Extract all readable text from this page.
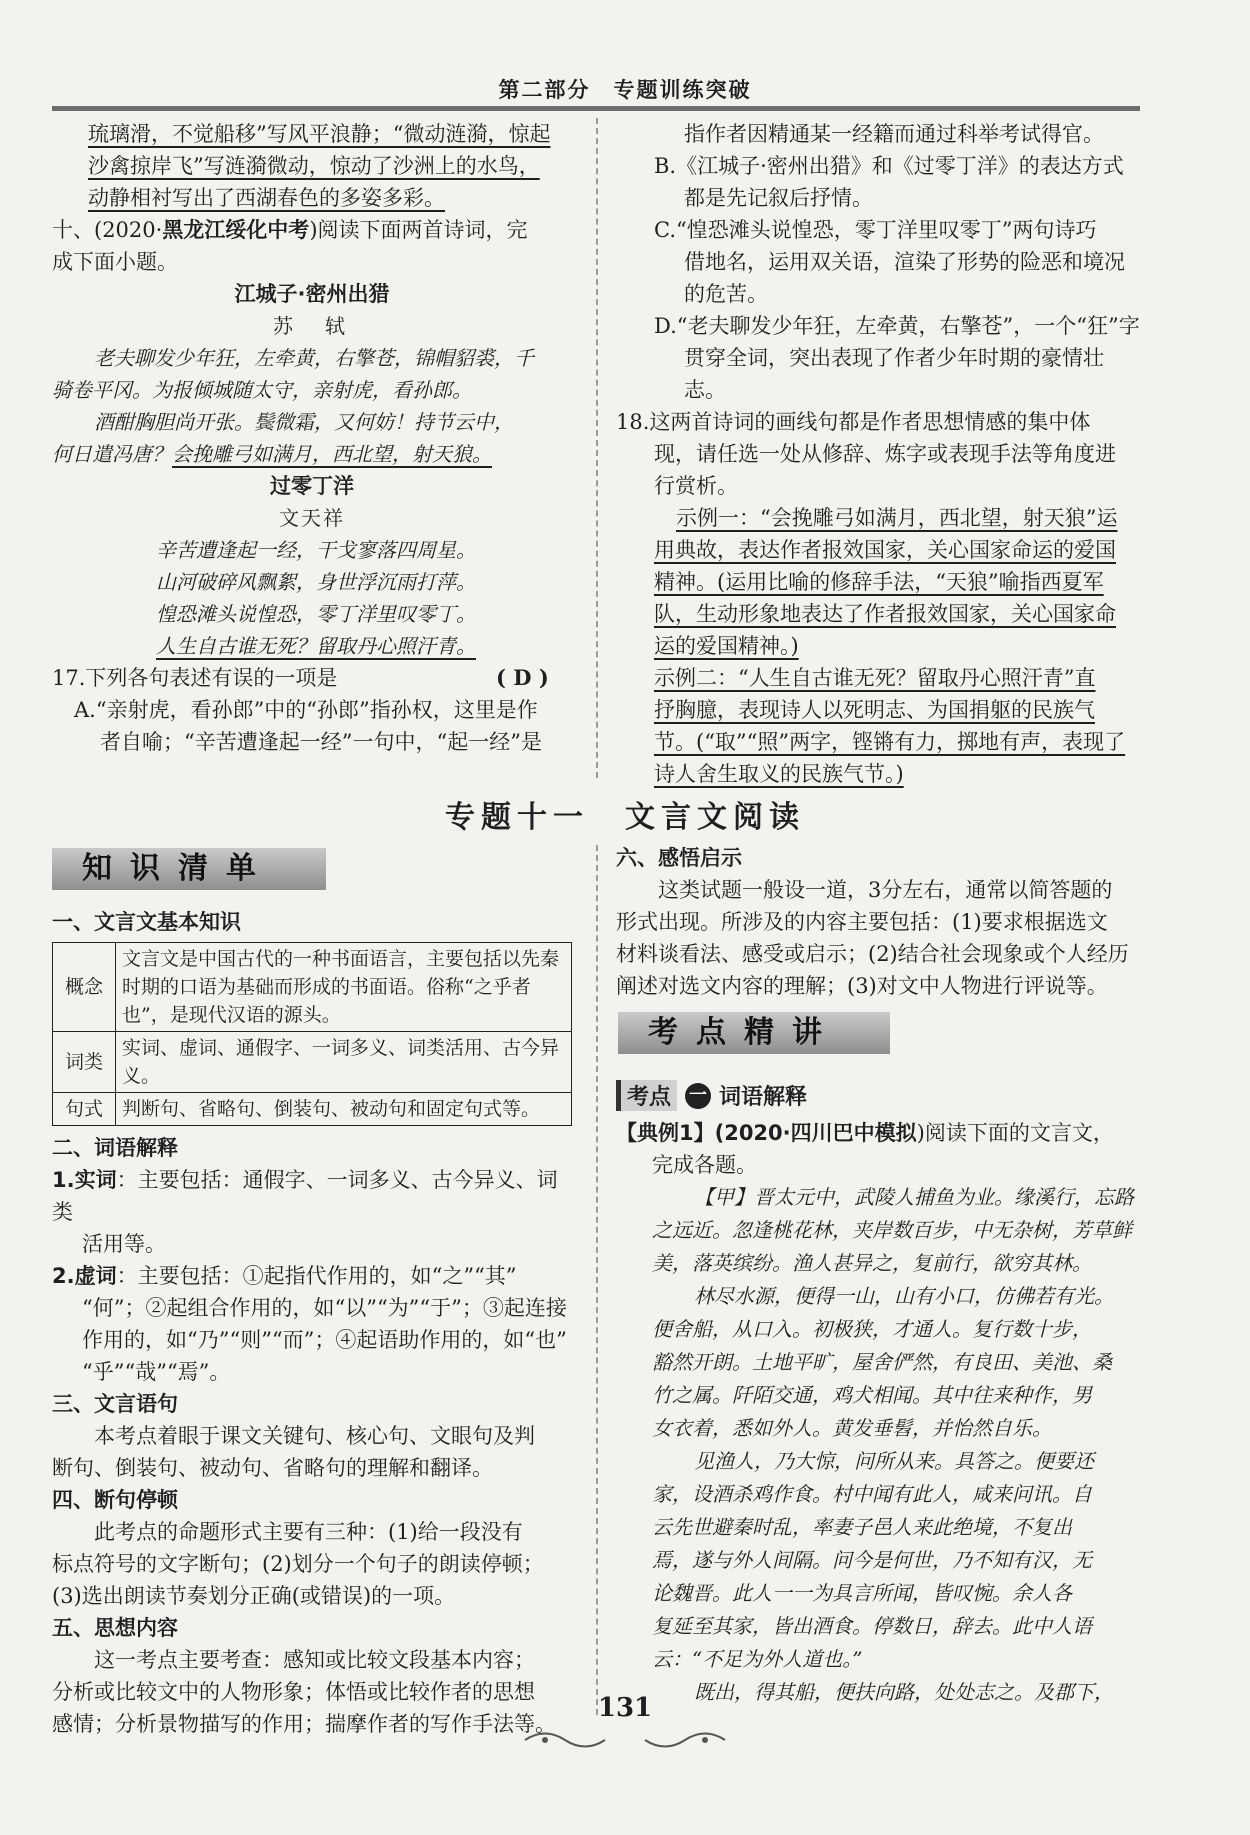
第二部分　专题训练突破

琉璃滑，不觉船移”写风平浪静；“微动涟漪，惊起

沙禽掠岸飞”写涟漪微动，惊动了沙洲上的水鸟，

动静相衬写出了西湖春色的多姿多彩。

十、(2020·黑龙江绥化中考)阅读下面两首诗词，完

成下面小题。

江城子·密州出猎
苏　轼

老夫聊发少年狂，左牵黄，右擎苍，锦帽貂裘，千

骑卷平冈。为报倾城随太守，亲射虎，看孙郎。

酒酣胸胆尚开张。鬓微霜，又何妨！持节云中，

何日遣冯唐？会挽雕弓如满月，西北望，射天狼。

过零丁洋
文天祥

辛苦遭逢起一经，干戈寥落四周星。

山河破碎风飘絮，身世浮沉雨打萍。

惶恐滩头说惶恐，零丁洋里叹零丁。

人生自古谁无死？留取丹心照汗青。

17.下列各句表述有误的一项是	( D )

A.“亲射虎，看孙郎”中的“孙郎”指孙权，这里是作

者自喻；“辛苦遭逢起一经”一句中，“起一经”是

指作者因精通某一经籍而通过科举考试得官。

B.《江城子·密州出猎》和《过零丁洋》的表达方式

都是先记叙后抒情。

C.“惶恐滩头说惶恐，零丁洋里叹零丁”两句诗巧

借地名，运用双关语，渲染了形势的险恶和境况

的危苦。

D.“老夫聊发少年狂，左牵黄，右擎苍”，一个“狂”字

贯穿全词，突出表现了作者少年时期的豪情壮志。

18.这两首诗词的画线句都是作者思想情感的集中体

现，请任选一处从修辞、炼字或表现手法等角度进

行赏析。

示例一：“会挽雕弓如满月，西北望，射天狼”运

用典故，表达作者报效国家，关心国家命运的爱国

精神。(运用比喻的修辞手法，“天狼”喻指西夏军

队，生动形象地表达了作者报效国家，关心国家命

运的爱国精神。)

示例二：“人生自古谁无死？留取丹心照汗青”直

抒胸臆，表现诗人以死明志、为国捐躯的民族气

节。(“取”“照”两字，铿锵有力，掷地有声，表现了

诗人舍生取义的民族气节。)

专题十一　文言文阅读
知识清单

一、文言文基本知识

概念	文言文是中国古代的一种书面语言，主要包括以先秦时期的口语为基础而形成的书面语。俗称“之乎者也”，是现代汉语的源头。
词类	实词、虚词、通假字、一词多义、词类活用、古今异义。
句式	判断句、省略句、倒装句、被动句和固定句式等。

二、词语解释

1.实词：主要包括：通假字、一词多义、古今异义、词类

活用等。

2.虚词：主要包括：①起指代作用的，如“之”“其”

“何”；②起组合作用的，如“以”“为”“于”；③起连接

作用的，如“乃”“则”“而”；④起语助作用的，如“也”

“乎”“哉”“焉”。

三、文言语句

本考点着眼于课文关键句、核心句、文眼句及判

断句、倒装句、被动句、省略句的理解和翻译。

四、断句停顿

此考点的命题形式主要有三种：(1)给一段没有

标点符号的文字断句；(2)划分一个句子的朗读停顿；

(3)选出朗读节奏划分正确(或错误)的一项。

五、思想内容

这一考点主要考查：感知或比较文段基本内容；

分析或比较文中的人物形象；体悟或比较作者的思想

感情；分析景物描写的作用；揣摩作者的写作手法等。

六、感悟启示

这类试题一般设一道，3分左右，通常以简答题的

形式出现。所涉及的内容主要包括：(1)要求根据选文

材料谈看法、感受或启示；(2)结合社会现象或个人经历

阐述对选文内容的理解；(3)对文中人物进行评说等。

考点精讲
考点	一 词语解释

【典例1】(2020·四川巴中模拟)阅读下面的文言文，

完成各题。

【甲】晋太元中，武陵人捕鱼为业。缘溪行，忘路

之远近。忽逢桃花林，夹岸数百步，中无杂树，芳草鲜

美，落英缤纷。渔人甚异之，复前行，欲穷其林。

林尽水源，便得一山，山有小口，仿佛若有光。

便舍船，从口入。初极狭，才通人。复行数十步，

豁然开朗。土地平旷，屋舍俨然，有良田、美池、桑

竹之属。阡陌交通，鸡犬相闻。其中往来种作，男

女衣着，悉如外人。黄发垂髫，并怡然自乐。

见渔人，乃大惊，问所从来。具答之。便要还

家，设酒杀鸡作食。村中闻有此人，咸来问讯。自

云先世避秦时乱，率妻子邑人来此绝境，不复出

焉，遂与外人间隔。问今是何世，乃不知有汉，无

论魏晋。此人一一为具言所闻，皆叹惋。余人各

复延至其家，皆出酒食。停数日，辞去。此中人语

云：“不足为外人道也。”

既出，得其船，便扶向路，处处志之。及郡下，

131
